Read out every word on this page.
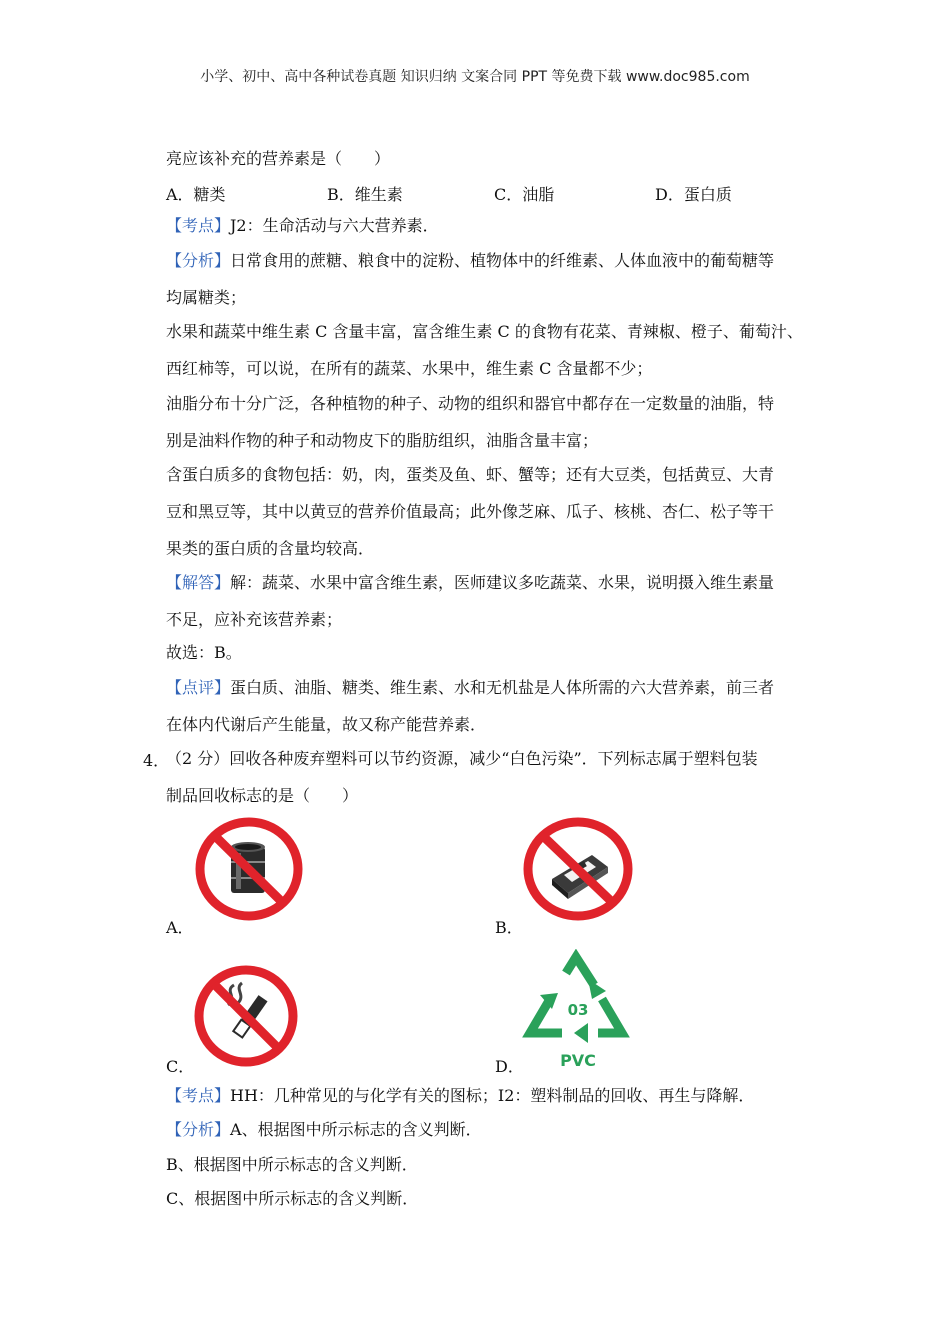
小学、初中、高中各种试卷真题 知识归纳 文案合同 PPT 等免费下载 www.doc985.com
亮应该补充的营养素是（　　）
A．糖类	B．维生素	C．油脂	D．蛋白质
【考点】J2：生命活动与六大营养素．
【分析】日常食用的蔗糖、粮食中的淀粉、植物体中的纤维素、人体血液中的葡萄糖等
均属糖类；
水果和蔬菜中维生素 C 含量丰富，富含维生素 C 的食物有花菜、青辣椒、橙子、葡萄汁、
西红柿等，可以说，在所有的蔬菜、水果中，维生素 C 含量都不少；
油脂分布十分广泛，各种植物的种子、动物的组织和器官中都存在一定数量的油脂，特
别是油料作物的种子和动物皮下的脂肪组织，油脂含量丰富；
含蛋白质多的食物包括：奶，肉，蛋类及鱼、虾、蟹等；还有大豆类，包括黄豆、大青
豆和黑豆等，其中以黄豆的营养价值最高；此外像芝麻、瓜子、核桃、杏仁、松子等干
果类的蛋白质的含量均较高．
【解答】解：蔬菜、水果中富含维生素，医师建议多吃蔬菜、水果，说明摄入维生素量
不足，应补充该营养素；
故选：B。
【点评】蛋白质、油脂、糖类、维生素、水和无机盐是人体所需的六大营养素，前三者
在体内代谢后产生能量，故又称产能营养素．
4．
（2 分）回收各种废弃塑料可以节约资源，减少“白色污染”．下列标志属于塑料包装
制品回收标志的是（　　）
A．	B．
C．
03
PVC
D．
【考点】HH：几种常见的与化学有关的图标；I2：塑料制品的回收、再生与降解．
【分析】A、根据图中所示标志的含义判断．
B、根据图中所示标志的含义判断．
C、根据图中所示标志的含义判断．
